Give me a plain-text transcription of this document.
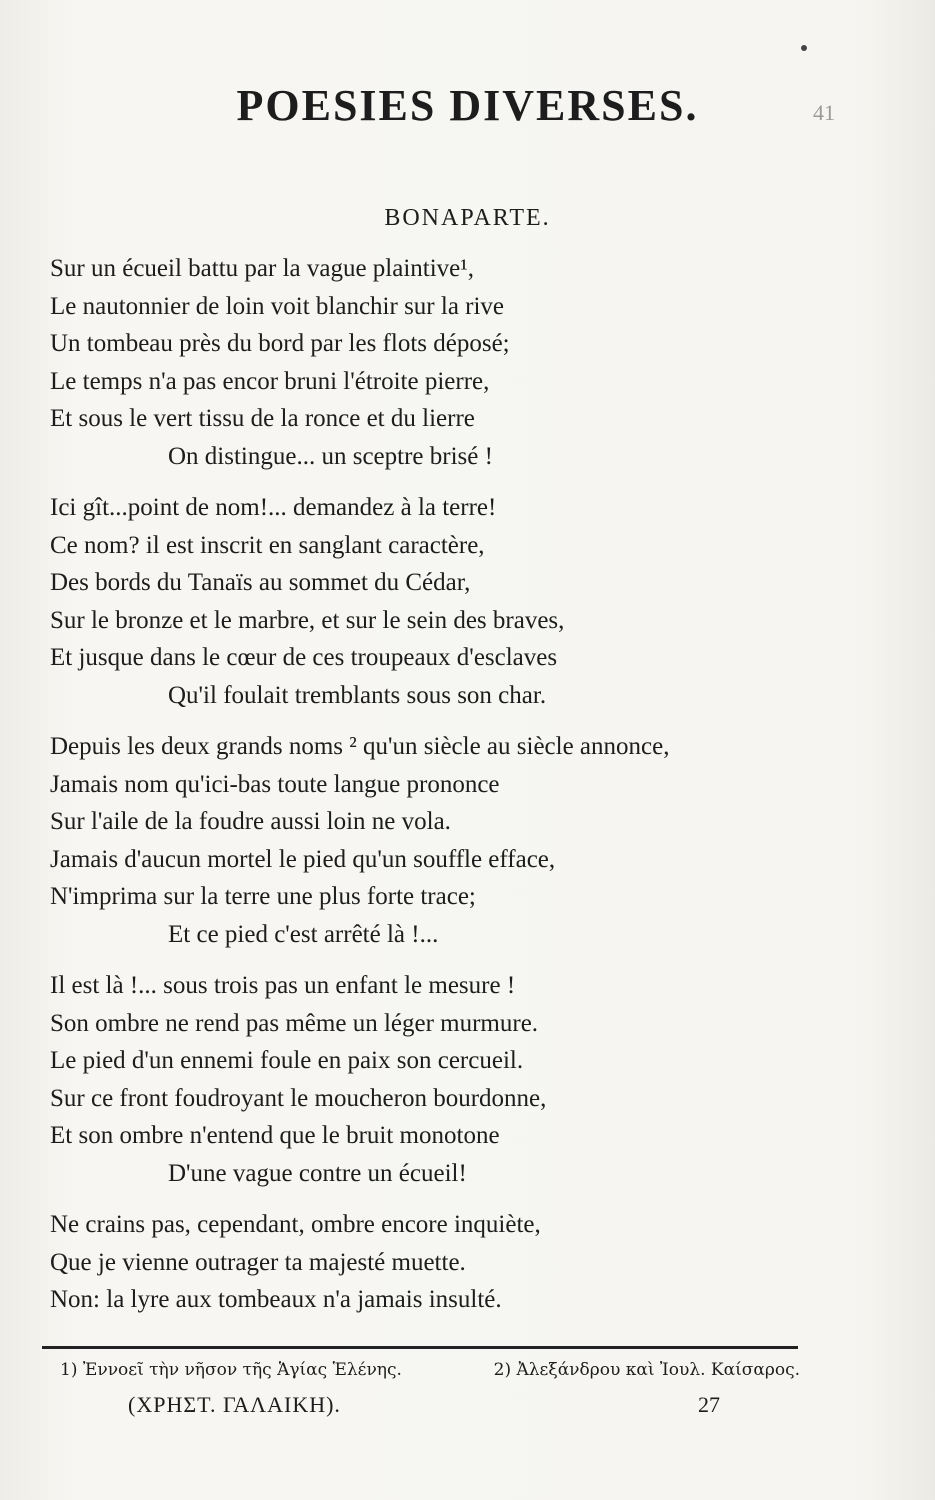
POESIES DIVERSES.	41
BONAPARTE.
Sur un écueil battu par la vague plaintive¹,
Le nautonnier de loin voit blanchir sur la rive
Un tombeau près du bord par les flots déposé;
Le temps n'a pas encor bruni l'étroite pierre,
Et sous le vert tissu de la ronce et du lierre
On distingue... un sceptre brisé !
Ici gît...point de nom!... demandez à la terre!
Ce nom? il est inscrit en sanglant caractère,
Des bords du Tanaïs au sommet du Cédar,
Sur le bronze et le marbre, et sur le sein des braves,
Et jusque dans le cœur de ces troupeaux d'esclaves
Qu'il foulait tremblants sous son char.
Depuis les deux grands noms ² qu'un siècle au siècle annonce,
Jamais nom qu'ici-bas toute langue prononce
Sur l'aile de la foudre aussi loin ne vola.
Jamais d'aucun mortel le pied qu'un souffle efface,
N'imprima sur la terre une plus forte trace;
Et ce pied c'est arrêté là !...
Il est là !... sous trois pas un enfant le mesure !
Son ombre ne rend pas même un léger murmure.
Le pied d'un ennemi foule en paix son cercueil.
Sur ce front foudroyant le moucheron bourdonne,
Et son ombre n'entend que le bruit monotone
D'une vague contre un écueil!
Ne crains pas, cependant, ombre encore inquiète,
Que je vienne outrager ta majesté muette.
Non: la lyre aux tombeaux n'a jamais insulté.
1) Ἐννοεῖ τὴν νῆσον τῆς Ἁγίας Ἑλένης.	2) Ἀλεξάνδρου καὶ Ἰουλ. Καίσαρος.
(ΧΡΗΣΤ. ΓΑΛΑΙΚΗ).	27
